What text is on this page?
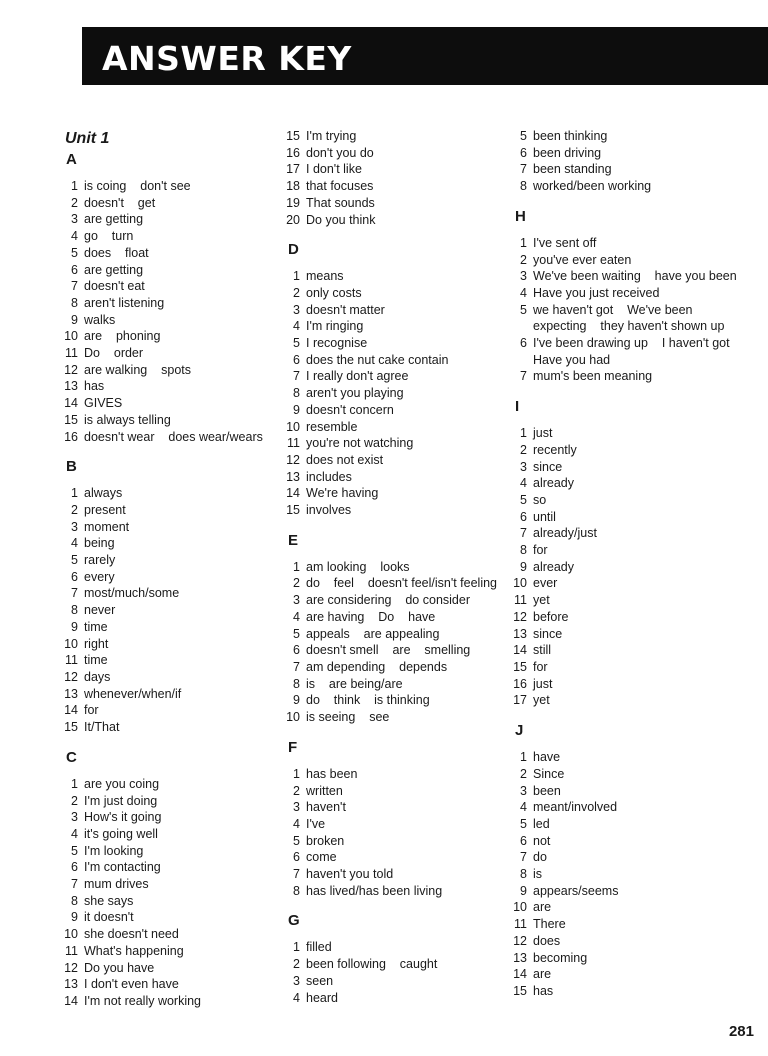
ANSWER KEY
Unit 1
A
1 is coing    don't see
2 doesn't    get
3 are getting
4 go    turn
5 does    float
6 are getting
7 doesn't eat
8 aren't listening
9 walks
10 are    phoning
11 Do    order
12 are walking    spots
13 has
14 GIVES
15 is always telling
16 doesn't wear    does wear/wears
B
1 always
2 present
3 moment
4 being
5 rarely
6 every
7 most/much/some
8 never
9 time
10 right
11 time
12 days
13 whenever/when/if
14 for
15 It/That
C
1 are you coing
2 I'm just doing
3 How's it going
4 it's going well
5 I'm looking
6 I'm contacting
7 mum drives
8 she says
9 it doesn't
10 she doesn't need
11 What's happening
12 Do you have
13 I don't even have
14 I'm not really working
15 I'm trying
16 don't you do
17 I don't like
18 that focuses
19 That sounds
20 Do you think
D
1 means
2 only costs
3 doesn't matter
4 I'm ringing
5 I recognise
6 does the nut cake contain
7 I really don't agree
8 aren't you playing
9 doesn't concern
10 resemble
11 you're not watching
12 does not exist
13 includes
14 We're having
15 involves
E
1 am looking    looks
2 do    feel    doesn't feel/isn't feeling
3 are considering    do consider
4 are having    Do    have
5 appeals    are appealing
6 doesn't smell    are    smelling
7 am depending    depends
8 is    are being/are
9 do    think    is thinking
10 is seeing    see
F
1 has been
2 written
3 haven't
4 I've
5 broken
6 come
7 haven't you told
8 has lived/has been living
G
1 filled
2 been following    caught
3 seen
4 heard
5 been thinking
6 been driving
7 been standing
8 worked/been working
H
1 I've sent off
2 you've ever eaten
3 We've been waiting    have you been
4 Have you just received
5 we haven't got    We've been expecting    they haven't shown up
6 I've been drawing up    I haven't got    Have you had
7 mum's been meaning
I
1 just
2 recently
3 since
4 already
5 so
6 until
7 already/just
8 for
9 already
10 ever
11 yet
12 before
13 since
14 still
15 for
16 just
17 yet
J
1 have
2 Since
3 been
4 meant/involved
5 led
6 not
7 do
8 is
9 appears/seems
10 are
11 There
12 does
13 becoming
14 are
15 has
281
